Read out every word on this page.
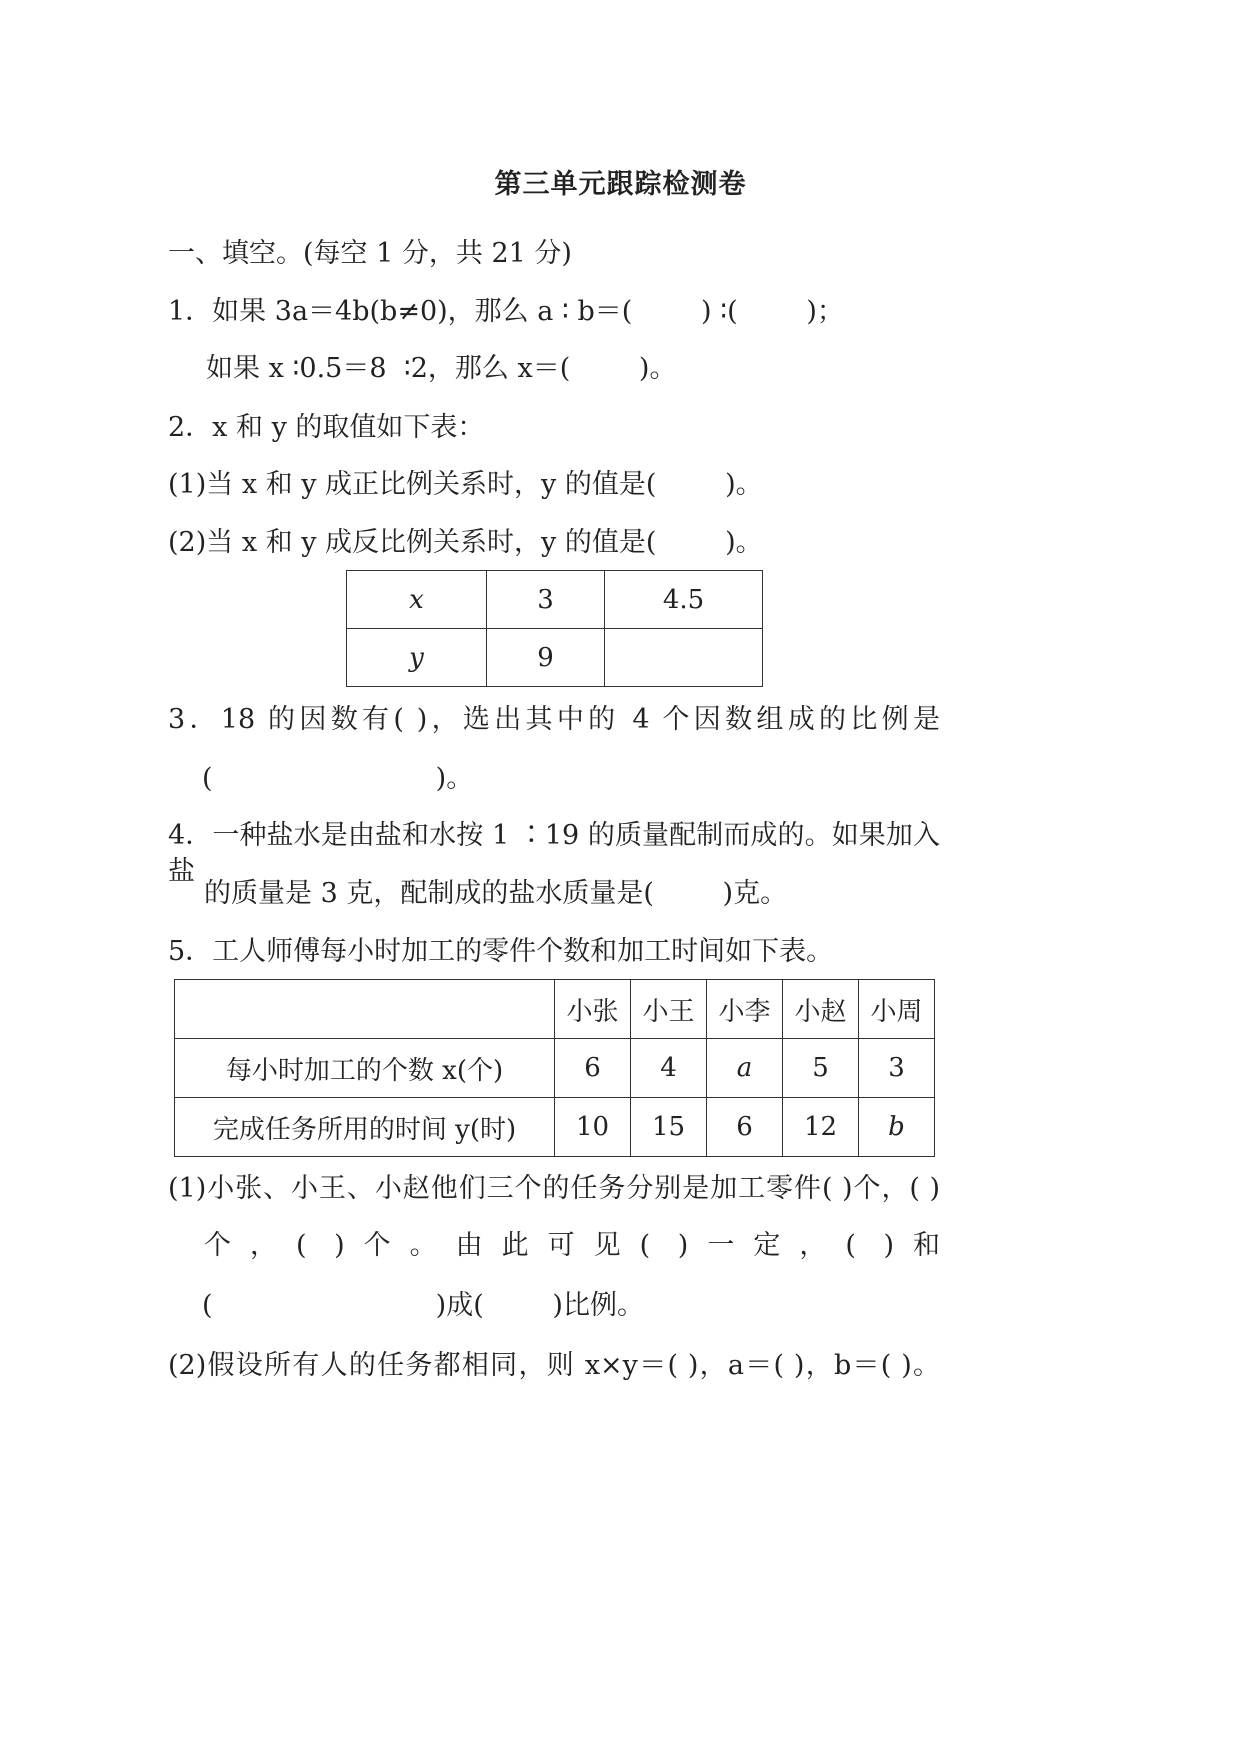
第三单元跟踪检测卷
一、填空。(每空 1 分，共 21 分)
1．如果 3a＝4b(b≠0)，那么 a ∶ b＝(        ) ∶(        )；
如果 x ∶0.5＝8  ∶2，那么 x＝(        )。
2．x 和 y 的取值如下表：
(1)当 x 和 y 成正比例关系时，y 的值是(        )。
(2)当 x 和 y 成反比例关系时，y 的值是(        )。
x	3	4.5
y	9	
3．18 的因数有( )，选出其中的 4 个因数组成的比例是
(                          )。
4．一种盐水是由盐和水按 1 ∶19 的质量配制而成的。如果加入盐
的质量是 3 克，配制成的盐水质量是(        )克。
5．工人师傅每小时加工的零件个数和加工时间如下表。
	小张	小王	小李	小赵	小周
每小时加工的个数 x(个)	6	4	a	5	3
完成任务所用的时间 y(时)	10	15	6	12	b
(1)小张、小王、小赵他们三个的任务分别是加工零件( )个，( )
个，( )个。由此可见( )一定，( )和
(                          )成(        )比例。
(2)假设所有人的任务都相同，则 x×y＝( )，a＝( )，b＝( )。
